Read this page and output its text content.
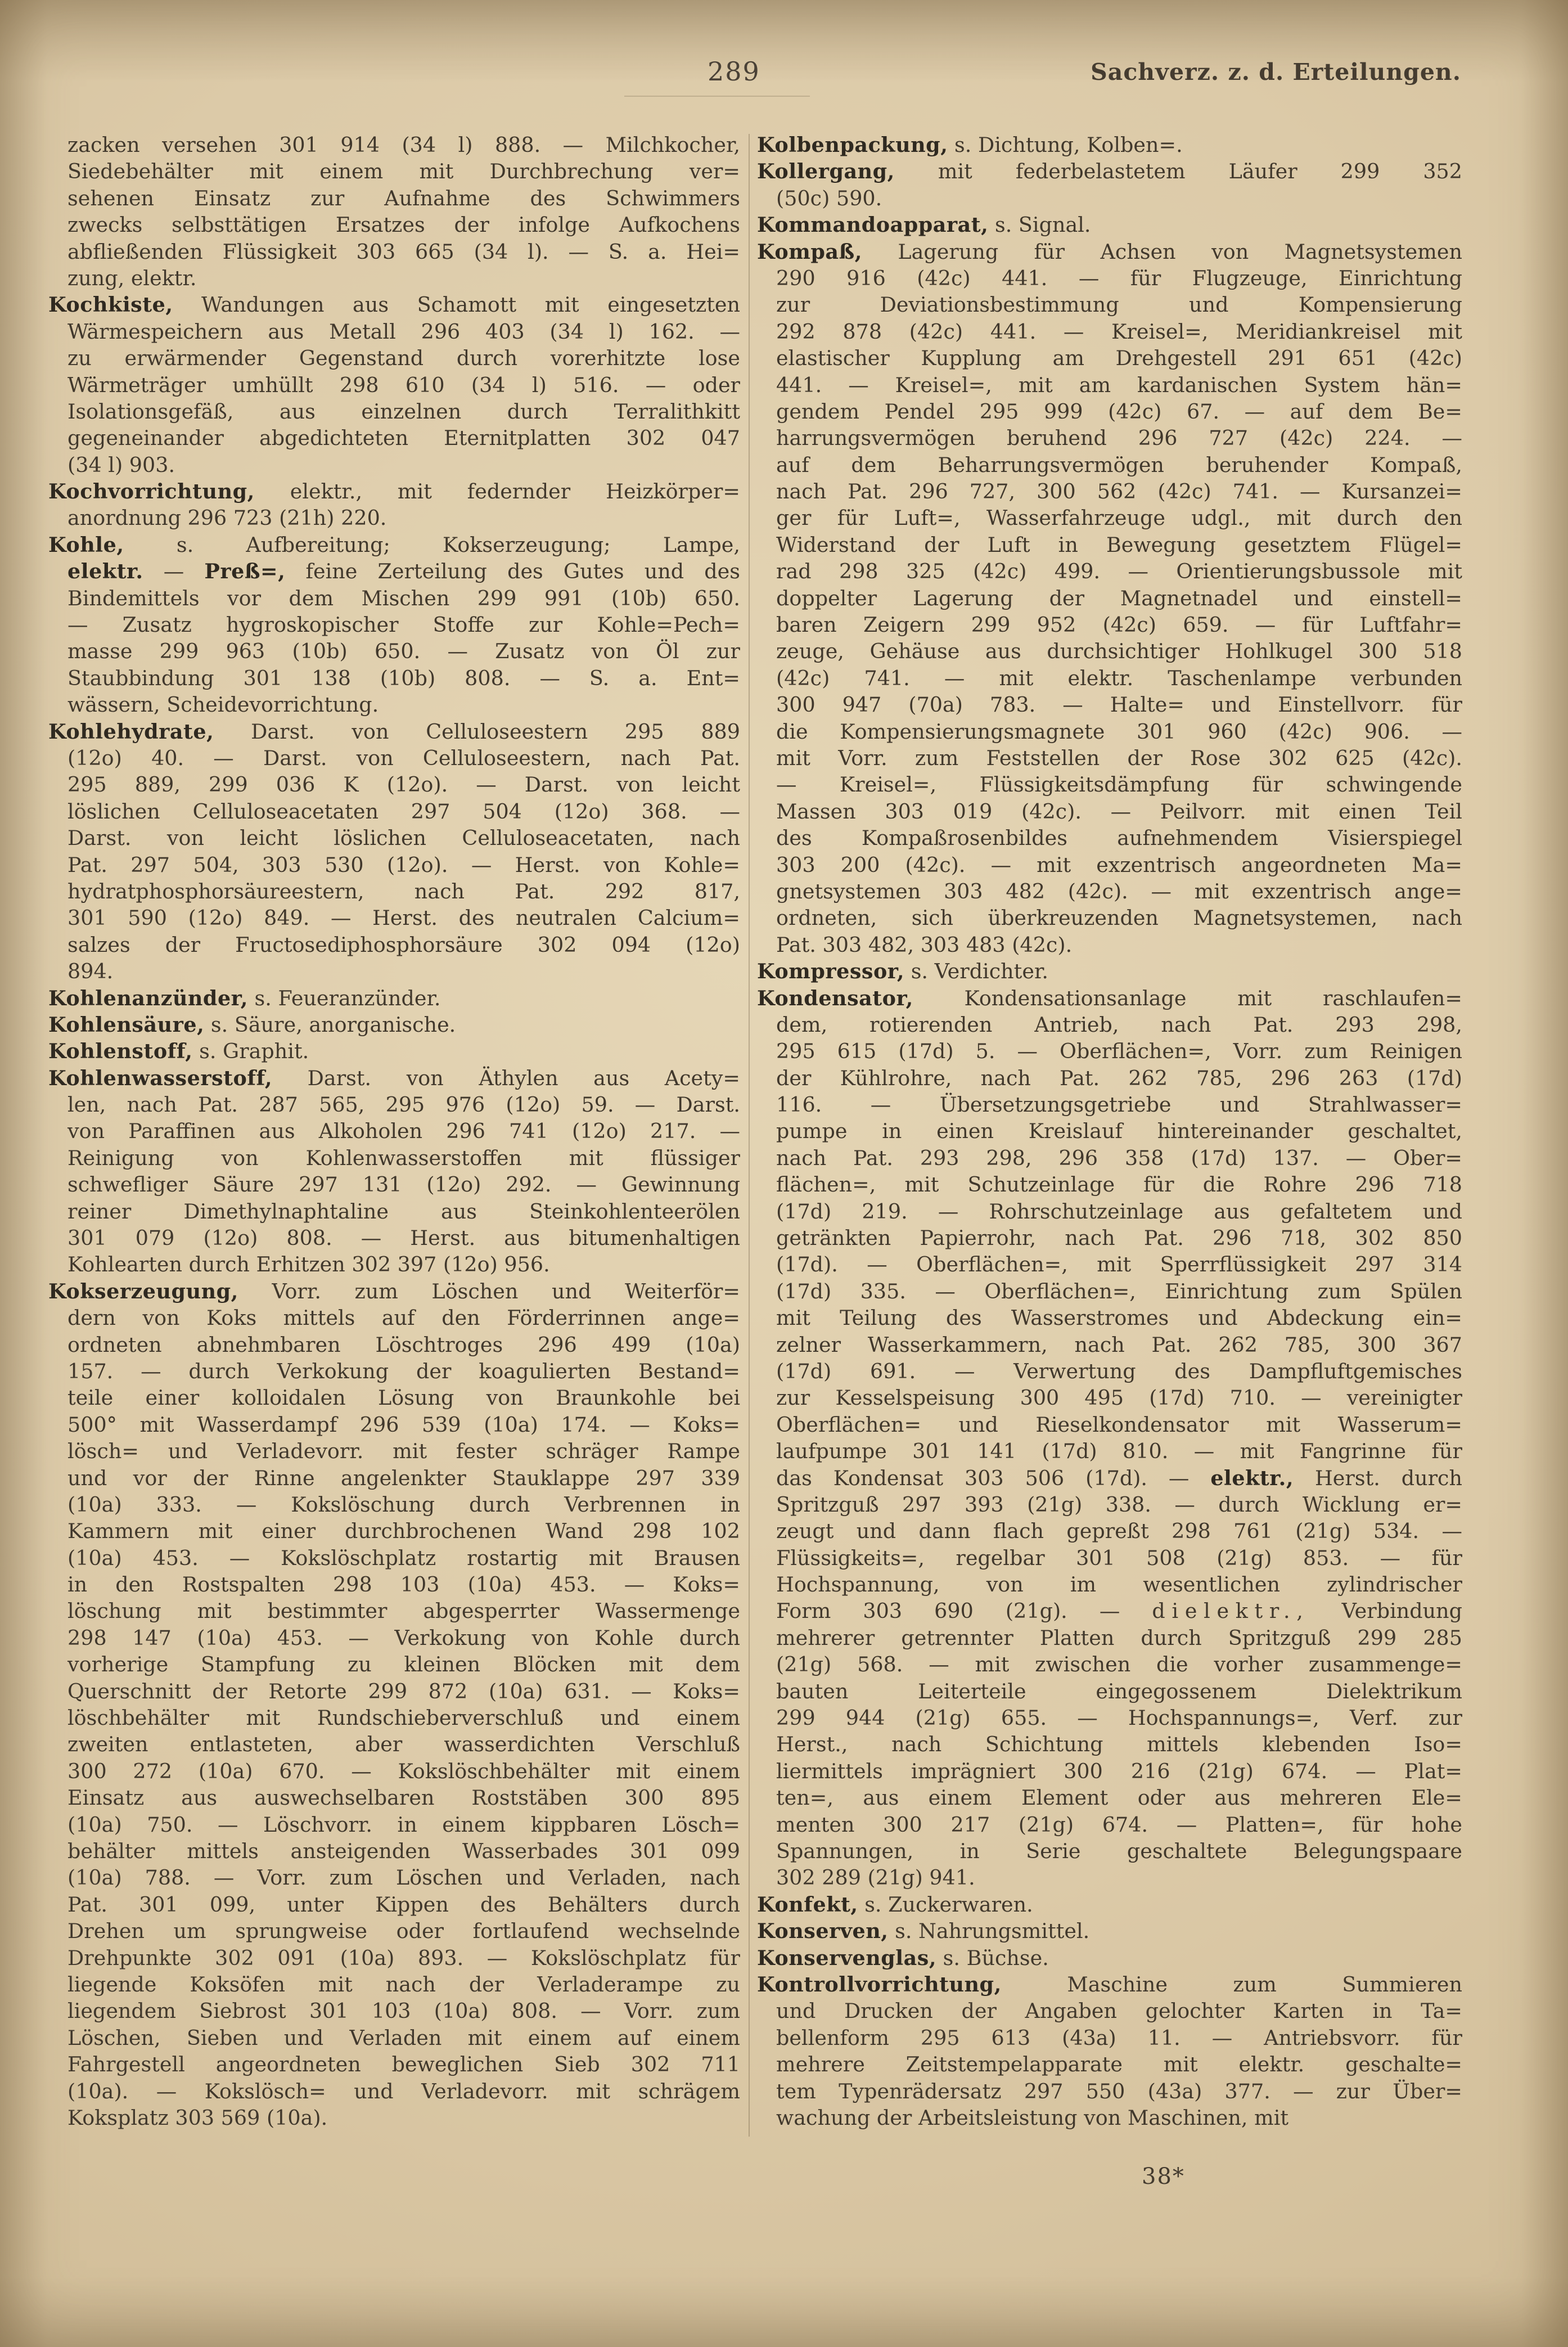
289	Sachverz. z. d. Erteilungen.
zacken versehen 301 914 (34 l) 888. — Milchkocher,
Siedebehälter mit einem mit Durchbrechung ver=
sehenen Einsatz zur Aufnahme des Schwimmers
zwecks selbsttätigen Ersatzes der infolge Aufkochens
abfließenden Flüssigkeit 303 665 (34 l). — S. a. Hei=
zung, elektr.
Kochkiste, Wandungen aus Schamott mit eingesetzten
Wärmespeichern aus Metall 296 403 (34 l) 162. —
zu erwärmender Gegenstand durch vorerhitzte lose
Wärmeträger umhüllt 298 610 (34 l) 516. — oder
Isolationsgefäß, aus einzelnen durch Terralithkitt
gegeneinander abgedichteten Eternitplatten 302 047
(34 l) 903.
Kochvorrichtung, elektr., mit federnder Heizkörper=
anordnung 296 723 (21h) 220.
Kohle, s. Aufbereitung; Kokserzeugung; Lampe,
elektr. — Preß=, feine Zerteilung des Gutes und des
Bindemittels vor dem Mischen 299 991 (10b) 650.
— Zusatz hygroskopischer Stoffe zur Kohle=Pech=
masse 299 963 (10b) 650. — Zusatz von Öl zur
Staubbindung 301 138 (10b) 808. — S. a. Ent=
wässern, Scheidevorrichtung.
Kohlehydrate, Darst. von Celluloseestern 295 889
(12o) 40. — Darst. von Celluloseestern, nach Pat.
295 889, 299 036 K (12o). — Darst. von leicht
löslichen Celluloseacetaten 297 504 (12o) 368. —
Darst. von leicht löslichen Celluloseacetaten, nach
Pat. 297 504, 303 530 (12o). — Herst. von Kohle=
hydratphosphorsäureestern, nach Pat. 292 817,
301 590 (12o) 849. — Herst. des neutralen Calcium=
salzes der Fructosediphosphorsäure 302 094 (12o)
894.
Kohlenanzünder, s. Feueranzünder.
Kohlensäure, s. Säure, anorganische.
Kohlenstoff, s. Graphit.
Kohlenwasserstoff, Darst. von Äthylen aus Acety=
len, nach Pat. 287 565, 295 976 (12o) 59. — Darst.
von Paraffinen aus Alkoholen 296 741 (12o) 217. —
Reinigung von Kohlenwasserstoffen mit flüssiger
schwefliger Säure 297 131 (12o) 292. — Gewinnung
reiner Dimethylnaphtaline aus Steinkohlenteerölen
301 079 (12o) 808. — Herst. aus bitumenhaltigen
Kohlearten durch Erhitzen 302 397 (12o) 956.
Kokserzeugung, Vorr. zum Löschen und Weiterför=
dern von Koks mittels auf den Förderrinnen ange=
ordneten abnehmbaren Löschtroges 296 499 (10a)
157. — durch Verkokung der koagulierten Bestand=
teile einer kolloidalen Lösung von Braunkohle bei
500° mit Wasserdampf 296 539 (10a) 174. — Koks=
lösch= und Verladevorr. mit fester schräger Rampe
und vor der Rinne angelenkter Stauklappe 297 339
(10a) 333. — Kokslöschung durch Verbrennen in
Kammern mit einer durchbrochenen Wand 298 102
(10a) 453. — Kokslöschplatz rostartig mit Brausen
in den Rostspalten 298 103 (10a) 453. — Koks=
löschung mit bestimmter abgesperrter Wassermenge
298 147 (10a) 453. — Verkokung von Kohle durch
vorherige Stampfung zu kleinen Blöcken mit dem
Querschnitt der Retorte 299 872 (10a) 631. — Koks=
löschbehälter mit Rundschieberverschluß und einem
zweiten entlasteten, aber wasserdichten Verschluß
300 272 (10a) 670. — Kokslöschbehälter mit einem
Einsatz aus auswechselbaren Roststäben 300 895
(10a) 750. — Löschvorr. in einem kippbaren Lösch=
behälter mittels ansteigenden Wasserbades 301 099
(10a) 788. — Vorr. zum Löschen und Verladen, nach
Pat. 301 099, unter Kippen des Behälters durch
Drehen um sprungweise oder fortlaufend wechselnde
Drehpunkte 302 091 (10a) 893. — Kokslöschplatz für
liegende Koksöfen mit nach der Verladerampe zu
liegendem Siebrost 301 103 (10a) 808. — Vorr. zum
Löschen, Sieben und Verladen mit einem auf einem
Fahrgestell angeordneten beweglichen Sieb 302 711
(10a). — Kokslösch= und Verladevorr. mit schrägem
Koksplatz 303 569 (10a).
Kolbenpackung, s. Dichtung, Kolben=.
Kollergang, mit federbelastetem Läufer 299 352
(50c) 590.
Kommandoapparat, s. Signal.
Kompaß, Lagerung für Achsen von Magnetsystemen
290 916 (42c) 441. — für Flugzeuge, Einrichtung
zur Deviationsbestimmung und Kompensierung
292 878 (42c) 441. — Kreisel=, Meridiankreisel mit
elastischer Kupplung am Drehgestell 291 651 (42c)
441. — Kreisel=, mit am kardanischen System hän=
gendem Pendel 295 999 (42c) 67. — auf dem Be=
harrungsvermögen beruhend 296 727 (42c) 224. —
auf dem Beharrungsvermögen beruhender Kompaß,
nach Pat. 296 727, 300 562 (42c) 741. — Kursanzei=
ger für Luft=, Wasserfahrzeuge udgl., mit durch den
Widerstand der Luft in Bewegung gesetztem Flügel=
rad 298 325 (42c) 499. — Orientierungsbussole mit
doppelter Lagerung der Magnetnadel und einstell=
baren Zeigern 299 952 (42c) 659. — für Luftfahr=
zeuge, Gehäuse aus durchsichtiger Hohlkugel 300 518
(42c) 741. — mit elektr. Taschenlampe verbunden
300 947 (70a) 783. — Halte= und Einstellvorr. für
die Kompensierungsmagnete 301 960 (42c) 906. —
mit Vorr. zum Feststellen der Rose 302 625 (42c).
— Kreisel=, Flüssigkeitsdämpfung für schwingende
Massen 303 019 (42c). — Peilvorr. mit einen Teil
des Kompaßrosenbildes aufnehmendem Visierspiegel
303 200 (42c). — mit exzentrisch angeordneten Ma=
gnetsystemen 303 482 (42c). — mit exzentrisch ange=
ordneten, sich überkreuzenden Magnetsystemen, nach
Pat. 303 482, 303 483 (42c).
Kompressor, s. Verdichter.
Kondensator, Kondensationsanlage mit raschlaufen=
dem, rotierenden Antrieb, nach Pat. 293 298,
295 615 (17d) 5. — Oberflächen=, Vorr. zum Reinigen
der Kühlrohre, nach Pat. 262 785, 296 263 (17d)
116. — Übersetzungsgetriebe und Strahlwasser=
pumpe in einen Kreislauf hintereinander geschaltet,
nach Pat. 293 298, 296 358 (17d) 137. — Ober=
flächen=, mit Schutzeinlage für die Rohre 296 718
(17d) 219. — Rohrschutzeinlage aus gefaltetem und
getränkten Papierrohr, nach Pat. 296 718, 302 850
(17d). — Oberflächen=, mit Sperrflüssigkeit 297 314
(17d) 335. — Oberflächen=, Einrichtung zum Spülen
mit Teilung des Wasserstromes und Abdeckung ein=
zelner Wasserkammern, nach Pat. 262 785, 300 367
(17d) 691. — Verwertung des Dampfluftgemisches
zur Kesselspeisung 300 495 (17d) 710. — vereinigter
Oberflächen= und Rieselkondensator mit Wasserum=
laufpumpe 301 141 (17d) 810. — mit Fangrinne für
das Kondensat 303 506 (17d). — elektr., Herst. durch
Spritzguß 297 393 (21g) 338. — durch Wicklung er=
zeugt und dann flach gepreßt 298 761 (21g) 534. —
Flüssigkeits=, regelbar 301 508 (21g) 853. — für
Hochspannung, von im wesentlichen zylindrischer
Form 303 690 (21g). — dielektr., Verbindung
mehrerer getrennter Platten durch Spritzguß 299 285
(21g) 568. — mit zwischen die vorher zusammenge=
bauten Leiterteile eingegossenem Dielektrikum
299 944 (21g) 655. — Hochspannungs=, Verf. zur
Herst., nach Schichtung mittels klebenden Iso=
liermittels imprägniert 300 216 (21g) 674. — Plat=
ten=, aus einem Element oder aus mehreren Ele=
menten 300 217 (21g) 674. — Platten=, für hohe
Spannungen, in Serie geschaltete Belegungspaare
302 289 (21g) 941.
Konfekt, s. Zuckerwaren.
Konserven, s. Nahrungsmittel.
Konservenglas, s. Büchse.
Kontrollvorrichtung, Maschine zum Summieren
und Drucken der Angaben gelochter Karten in Ta=
bellenform 295 613 (43a) 11. — Antriebsvorr. für
mehrere Zeitstempelapparate mit elektr. geschalte=
tem Typenrädersatz 297 550 (43a) 377. — zur Über=
wachung der Arbeitsleistung von Maschinen, mit
38*
